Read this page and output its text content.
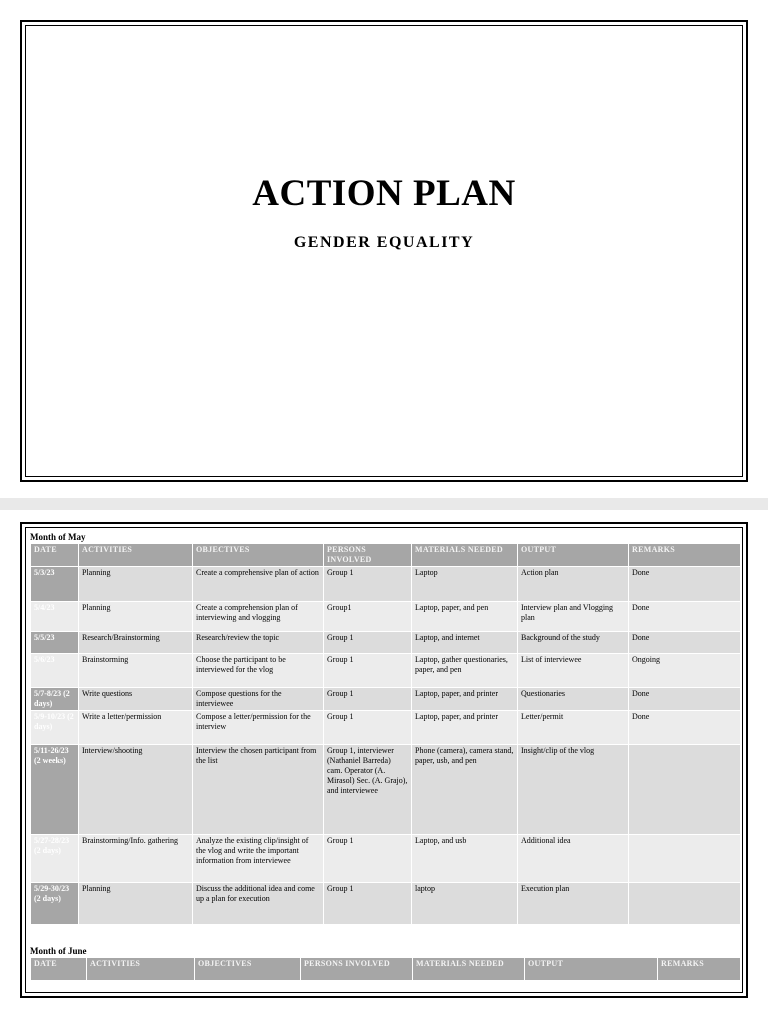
ACTION PLAN
GENDER EQUALITY
Month of May
DATE	ACTIVITIES	OBJECTIVES	PERSONS INVOLVED	MATERIALS NEEDED	OUTPUT	REMARKS
5/3/23	Planning	Create a comprehensive plan of action	Group 1	Laptop	Action plan	Done
5/4/23	Planning	Create a comprehension plan of interviewing and vlogging	Group1	Laptop, paper, and pen	Interview plan and Vlogging plan	Done
5/5/23	Research/Brainstorming	Research/review the topic	Group 1	Laptop, and internet	Background of the study	Done
5/6/23	Brainstorming	Choose the participant to be interviewed for the vlog	Group 1	Laptop, gather questionaries, paper, and pen	List of interviewee	Ongoing
5/7-8/23 (2 days)	Write questions	Compose questions for the interviewee	Group 1	Laptop, paper, and printer	Questionaries	Done
5/9-10/23 (2 days)	Write a letter/permission	Compose a letter/permission for the interview	Group 1	Laptop, paper, and printer	Letter/permit	Done
5/11-26/23 (2 weeks)	Interview/shooting	Interview the chosen participant from the list	Group 1, interviewer (Nathaniel Barreda) cam. Operator (A. Mirasol) Sec. (A. Grajo), and interviewee	Phone (camera), camera stand, paper, usb, and pen	Insight/clip of the vlog	
5/27-28/23 (2 days)	Brainstorming/Info. gathering	Analyze the existing clip/insight of the vlog and write the important information from interviewee	Group 1	Laptop, and usb	Additional idea	
5/29-30/23 (2 days)	Planning	Discuss the additional idea and come up a plan for execution	Group 1	laptop	Execution plan	
Month of June
DATE	ACTIVITIES	OBJECTIVES	PERSONS INVOLVED	MATERIALS NEEDED	OUTPUT	REMARKS
